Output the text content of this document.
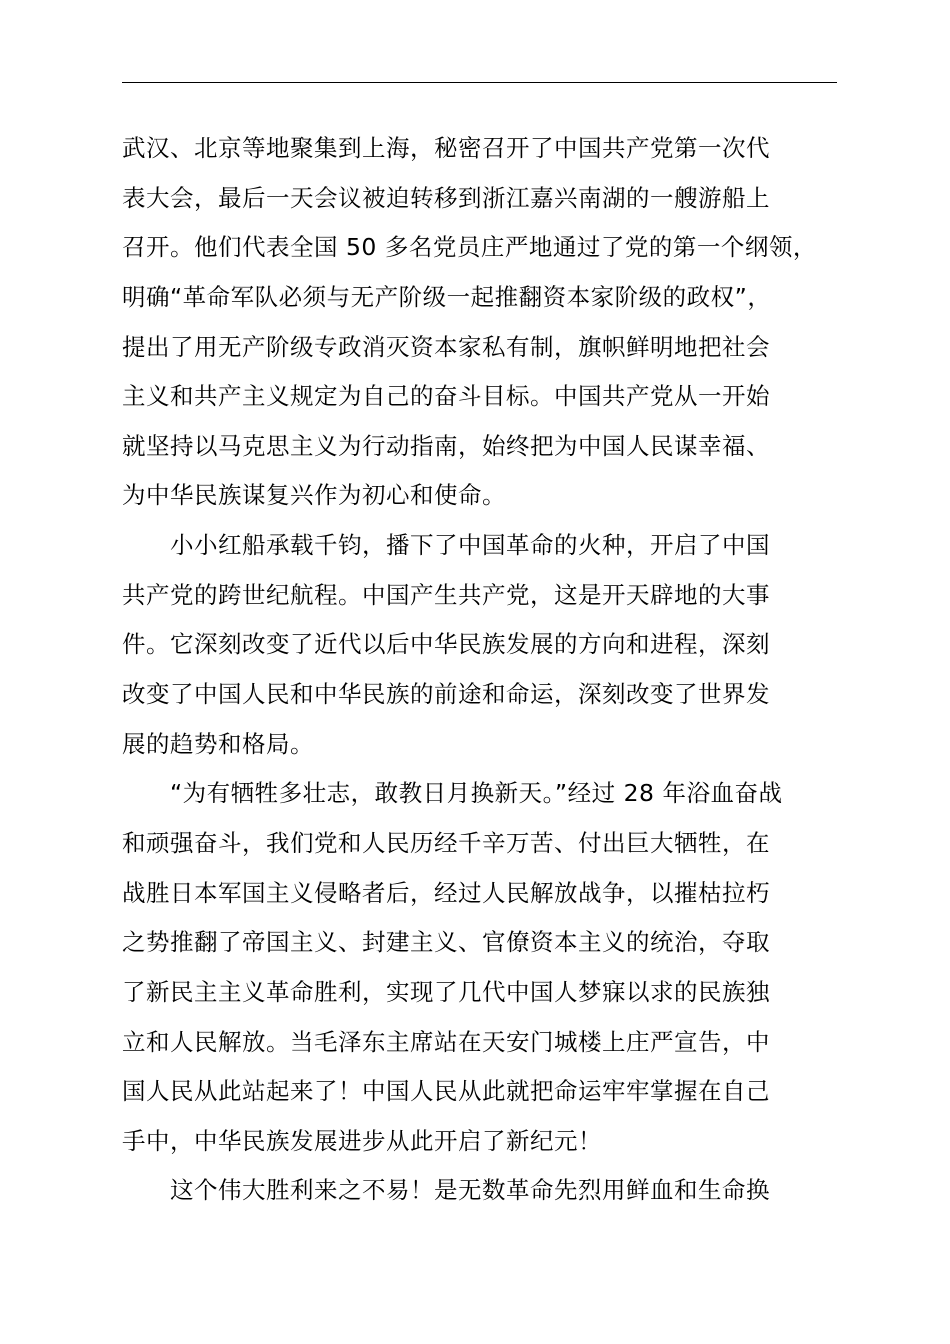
武汉、北京等地聚集到上海，秘密召开了中国共产党第一次代
表大会，最后一天会议被迫转移到浙江嘉兴南湖的一艘游船上
召开。他们代表全国 50 多名党员庄严地通过了党的第一个纲领，
明确“革命军队必须与无产阶级一起推翻资本家阶级的政权”，
提出了用无产阶级专政消灭资本家私有制，旗帜鲜明地把社会
主义和共产主义规定为自己的奋斗目标。中国共产党从一开始
就坚持以马克思主义为行动指南，始终把为中国人民谋幸福、
为中华民族谋复兴作为初心和使命。
小小红船承载千钧，播下了中国革命的火种，开启了中国
共产党的跨世纪航程。中国产生共产党，这是开天辟地的大事
件。它深刻改变了近代以后中华民族发展的方向和进程，深刻
改变了中国人民和中华民族的前途和命运，深刻改变了世界发
展的趋势和格局。
“为有牺牲多壮志，敢教日月换新天。”经过 28 年浴血奋战
和顽强奋斗，我们党和人民历经千辛万苦、付出巨大牺牲，在
战胜日本军国主义侵略者后，经过人民解放战争，以摧枯拉朽
之势推翻了帝国主义、封建主义、官僚资本主义的统治，夺取
了新民主主义革命胜利，实现了几代中国人梦寐以求的民族独
立和人民解放。当毛泽东主席站在天安门城楼上庄严宣告，中
国人民从此站起来了！中国人民从此就把命运牢牢掌握在自己
手中，中华民族发展进步从此开启了新纪元！
这个伟大胜利来之不易！是无数革命先烈用鲜血和生命换
